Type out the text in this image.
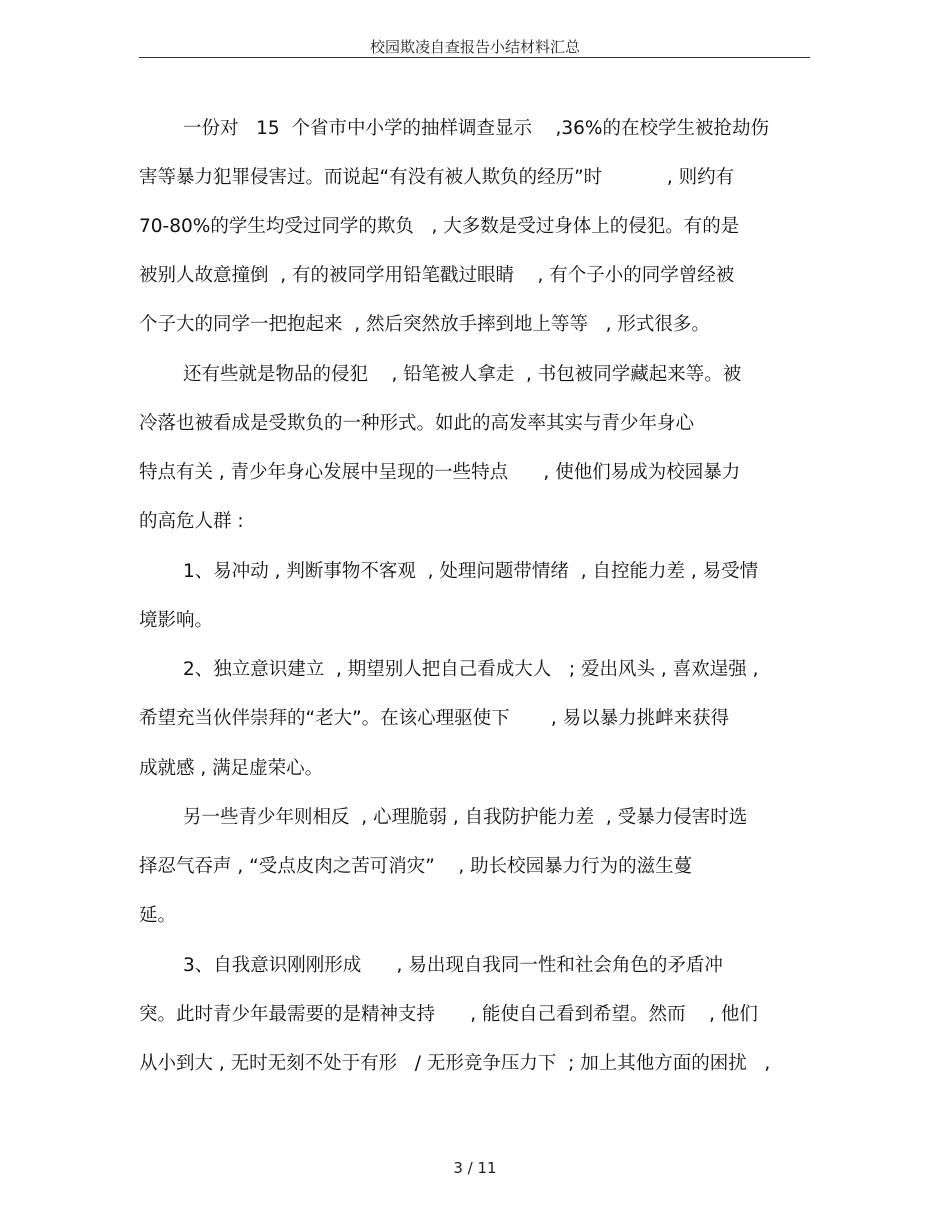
校园欺凌自查报告小结材料汇总
一份对   15  个省市中小学的抽样调查显示    ,36%的在校学生被抢劫伤
害等暴力犯罪侵害过。而说起“有没有被人欺负的经历”时           , 则约有
70-80%的学生均受过同学的欺负   , 大多数是受过身体上的侵犯。有的是
被别人故意撞倒  , 有的被同学用铅笔戳过眼睛    , 有个子小的同学曾经被
个子大的同学一把抱起来  , 然后突然放手摔到地上等等   , 形式很多。
还有些就是物品的侵犯    , 铅笔被人拿走  , 书包被同学藏起来等。被
冷落也被看成是受欺负的一种形式。如此的高发率其实与青少年身心
特点有关 , 青少年身心发展中呈现的一些特点      , 使他们易成为校园暴力
的高危人群 :
1、易冲动 , 判断事物不客观  , 处理问题带情绪  , 自控能力差 , 易受情
境影响。
2、独立意识建立  , 期望别人把自己看成大人   ; 爱出风头 , 喜欢逞强 ,
希望充当伙伴崇拜的“老大”。在该心理驱使下       , 易以暴力挑衅来获得
成就感 , 满足虚荣心。
另一些青少年则相反  , 心理脆弱 , 自我防护能力差  , 受暴力侵害时选
择忍气吞声 , “受点皮肉之苦可消灾”    , 助长校园暴力行为的滋生蔓
延。
3、自我意识刚刚形成      , 易出现自我同一性和社会角色的矛盾冲
突。此时青少年最需要的是精神支持      , 能使自己看到希望。然而    , 他们
从小到大 , 无时无刻不处于有形   / 无形竞争压力下  ; 加上其他方面的困扰   ,
3 / 11
